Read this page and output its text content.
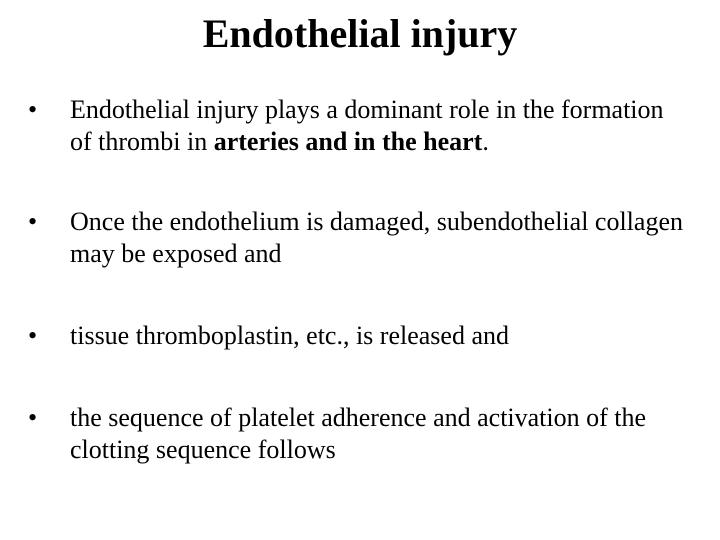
Endothelial injury
•	Endothelial injury plays a dominant role in the formation of thrombi in arteries and in the heart.
•	Once the endothelium is damaged, subendothelial collagen may be exposed and
•	tissue thromboplastin, etc., is released and
•	the sequence of platelet adherence and activation of the clotting sequence follows
